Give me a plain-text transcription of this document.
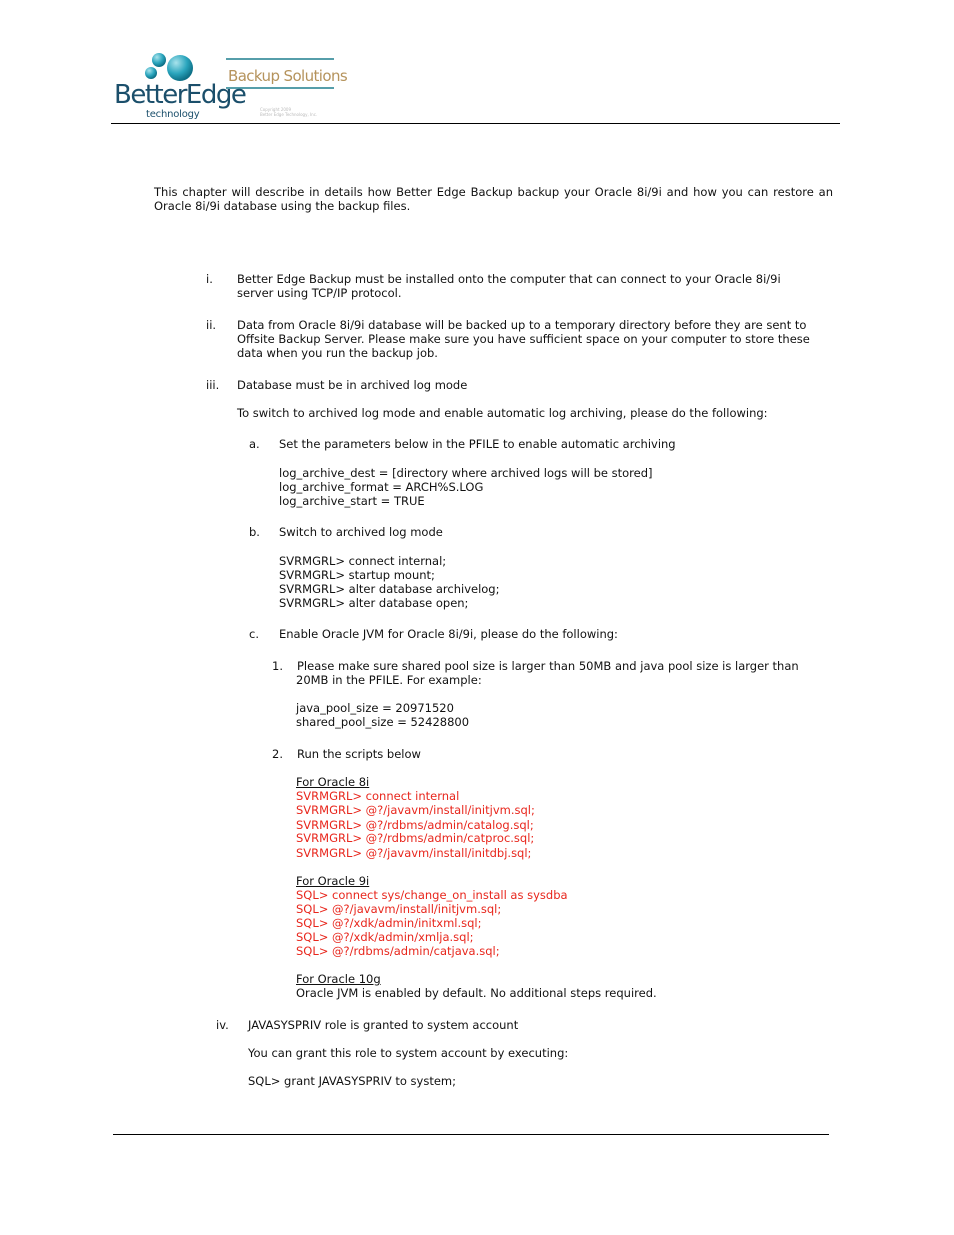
BetterEdge
technology
Backup Solutions
Copyright 2009
Better Edge Technology, Inc.
This chapter will describe in details how Better Edge Backup backup your Oracle 8i/9i and how you can restore an
Oracle 8i/9i database using the backup files.
i. Better Edge Backup must be installed onto the computer that can connect to your Oracle 8i/9i
server using TCP/IP protocol.
ii. Data from Oracle 8i/9i database will be backed up to a temporary directory before they are sent to
Offsite Backup Server. Please make sure you have sufficient space on your computer to store these
data when you run the backup job.
iii. Database must be in archived log mode
To switch to archived log mode and enable automatic log archiving, please do the following:
a. Set the parameters below in the PFILE to enable automatic archiving
log_archive_dest = [directory where archived logs will be stored]
log_archive_format = ARCH%S.LOG
log_archive_start = TRUE
b. Switch to archived log mode
SVRMGRL> connect internal;
SVRMGRL> startup mount;
SVRMGRL> alter database archivelog;
SVRMGRL> alter database open;
c. Enable Oracle JVM for Oracle 8i/9i, please do the following:
1. Please make sure shared pool size is larger than 50MB and java pool size is larger than
20MB in the PFILE. For example:
java_pool_size = 20971520
shared_pool_size = 52428800
2. Run the scripts below
For Oracle 8i
SVRMGRL> connect internal
SVRMGRL> @?/javavm/install/initjvm.sql;
SVRMGRL> @?/rdbms/admin/catalog.sql;
SVRMGRL> @?/rdbms/admin/catproc.sql;
SVRMGRL> @?/javavm/install/initdbj.sql;
For Oracle 9i
SQL> connect sys/change_on_install as sysdba
SQL> @?/javavm/install/initjvm.sql;
SQL> @?/xdk/admin/initxml.sql;
SQL> @?/xdk/admin/xmlja.sql;
SQL> @?/rdbms/admin/catjava.sql;
For Oracle 10g
Oracle JVM is enabled by default. No additional steps required.
iv. JAVASYSPRIV role is granted to system account
You can grant this role to system account by executing:
SQL> grant JAVASYSPRIV to system;
